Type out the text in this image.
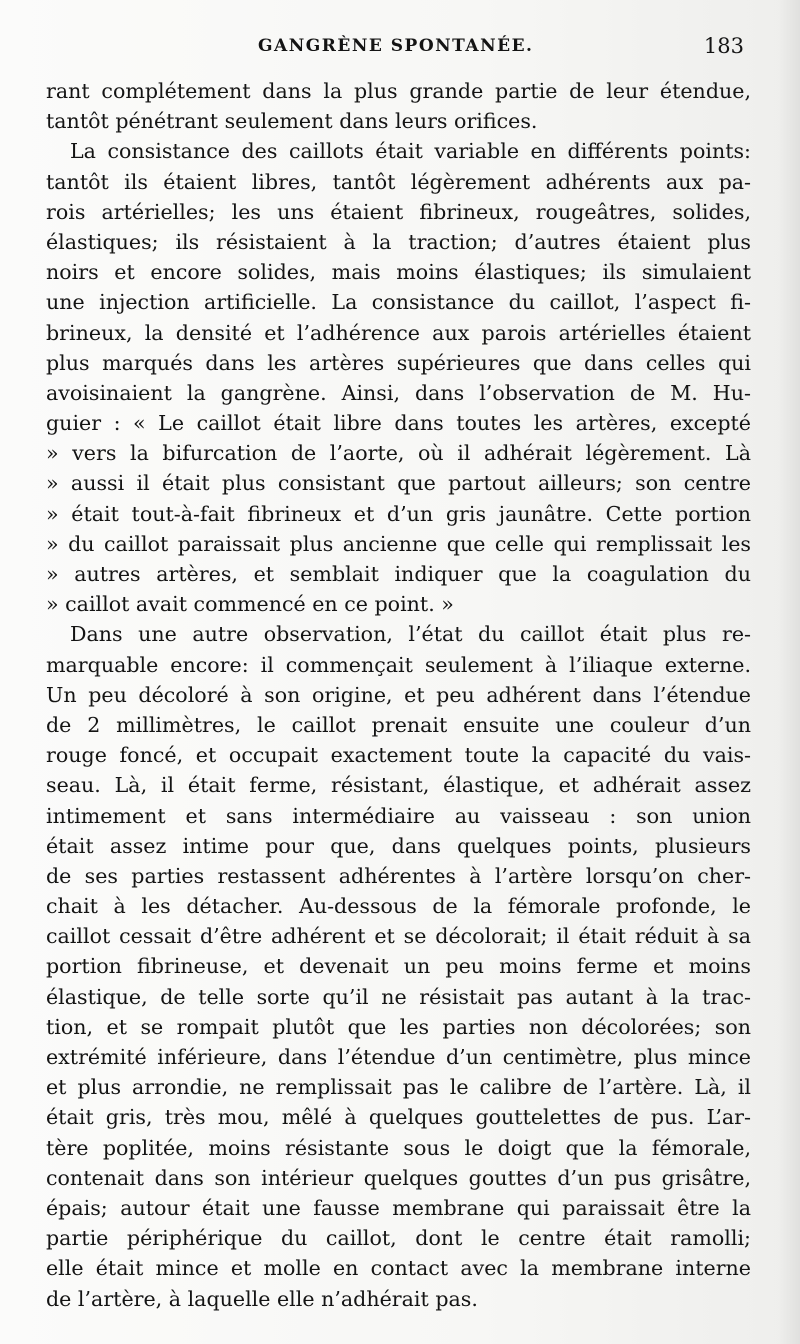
GANGRÈNE SPONTANÉE.	183
rant complétement dans la plus grande partie de leur étendue,
tantôt pénétrant seulement dans leurs orifices.
La consistance des caillots était variable en différents points:
tantôt ils étaient libres, tantôt légèrement adhérents aux pa-
rois artérielles; les uns étaient fibrineux, rougeâtres, solides,
élastiques; ils résistaient à la traction; d’autres étaient plus
noirs et encore solides, mais moins élastiques; ils simulaient
une injection artificielle. La consistance du caillot, l’aspect fi-
brineux, la densité et l’adhérence aux parois artérielles étaient
plus marqués dans les artères supérieures que dans celles qui
avoisinaient la gangrène. Ainsi, dans l’observation de M. Hu-
guier : « Le caillot était libre dans toutes les artères, excepté
» vers la bifurcation de l’aorte, où il adhérait légèrement. Là
» aussi il était plus consistant que partout ailleurs; son centre
» était tout-à-fait fibrineux et d’un gris jaunâtre. Cette portion
» du caillot paraissait plus ancienne que celle qui remplissait les
» autres artères, et semblait indiquer que la coagulation du
» caillot avait commencé en ce point. »
Dans une autre observation, l’état du caillot était plus re-
marquable encore: il commençait seulement à l’iliaque externe.
Un peu décoloré à son origine, et peu adhérent dans l’étendue
de 2 millimètres, le caillot prenait ensuite une couleur d’un
rouge foncé, et occupait exactement toute la capacité du vais-
seau. Là, il était ferme, résistant, élastique, et adhérait assez
intimement et sans intermédiaire au vaisseau : son union
était assez intime pour que, dans quelques points, plusieurs
de ses parties restassent adhérentes à l’artère lorsqu’on cher-
chait à les détacher. Au-dessous de la fémorale profonde, le
caillot cessait d’être adhérent et se décolorait; il était réduit à sa
portion fibrineuse, et devenait un peu moins ferme et moins
élastique, de telle sorte qu’il ne résistait pas autant à la trac-
tion, et se rompait plutôt que les parties non décolorées; son
extrémité inférieure, dans l’étendue d’un centimètre, plus mince
et plus arrondie, ne remplissait pas le calibre de l’artère. Là, il
était gris, très mou, mêlé à quelques gouttelettes de pus. L’ar-
tère poplitée, moins résistante sous le doigt que la fémorale,
contenait dans son intérieur quelques gouttes d’un pus grisâtre,
épais; autour était une fausse membrane qui paraissait être la
partie périphérique du caillot, dont le centre était ramolli;
elle était mince et molle en contact avec la membrane interne
de l’artère, à laquelle elle n’adhérait pas.
